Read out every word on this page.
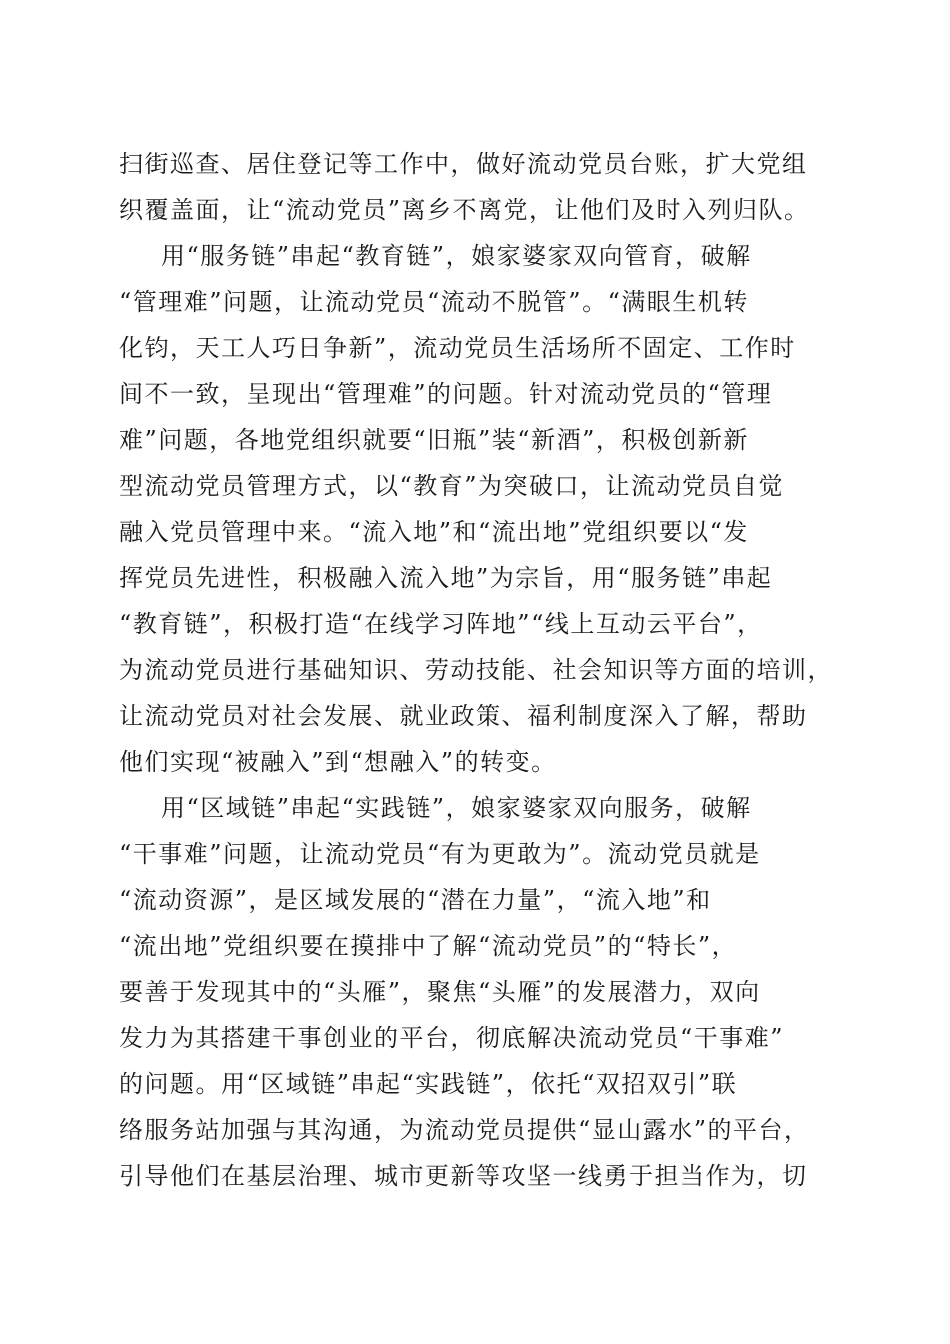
扫街巡查、居住登记等工作中，做好流动党员台账，扩大党组
织覆盖面，让“流动党员”离乡不离党，让他们及时入列归队。
用“服务链”串起“教育链”，娘家婆家双向管育，破解
“管理难”问题，让流动党员“流动不脱管”。“满眼生机转
化钧，天工人巧日争新”，流动党员生活场所不固定、工作时
间不一致，呈现出“管理难”的问题。针对流动党员的“管理
难”问题，各地党组织就要“旧瓶”装“新酒”，积极创新新
型流动党员管理方式，以“教育”为突破口，让流动党员自觉
融入党员管理中来。“流入地”和“流出地”党组织要以“发
挥党员先进性，积极融入流入地”为宗旨，用“服务链”串起
“教育链”，积极打造“在线学习阵地”“线上互动云平台”，
为流动党员进行基础知识、劳动技能、社会知识等方面的培训，
让流动党员对社会发展、就业政策、福利制度深入了解，帮助
他们实现“被融入”到“想融入”的转变。
用“区域链”串起“实践链”，娘家婆家双向服务，破解
“干事难”问题，让流动党员“有为更敢为”。流动党员就是
“流动资源”，是区域发展的“潜在力量”，“流入地”和
“流出地”党组织要在摸排中了解“流动党员”的“特长”，
要善于发现其中的“头雁”，聚焦“头雁”的发展潜力，双向
发力为其搭建干事创业的平台，彻底解决流动党员“干事难”
的问题。用“区域链”串起“实践链”，依托“双招双引”联
络服务站加强与其沟通，为流动党员提供“显山露水”的平台，
引导他们在基层治理、城市更新等攻坚一线勇于担当作为，切
